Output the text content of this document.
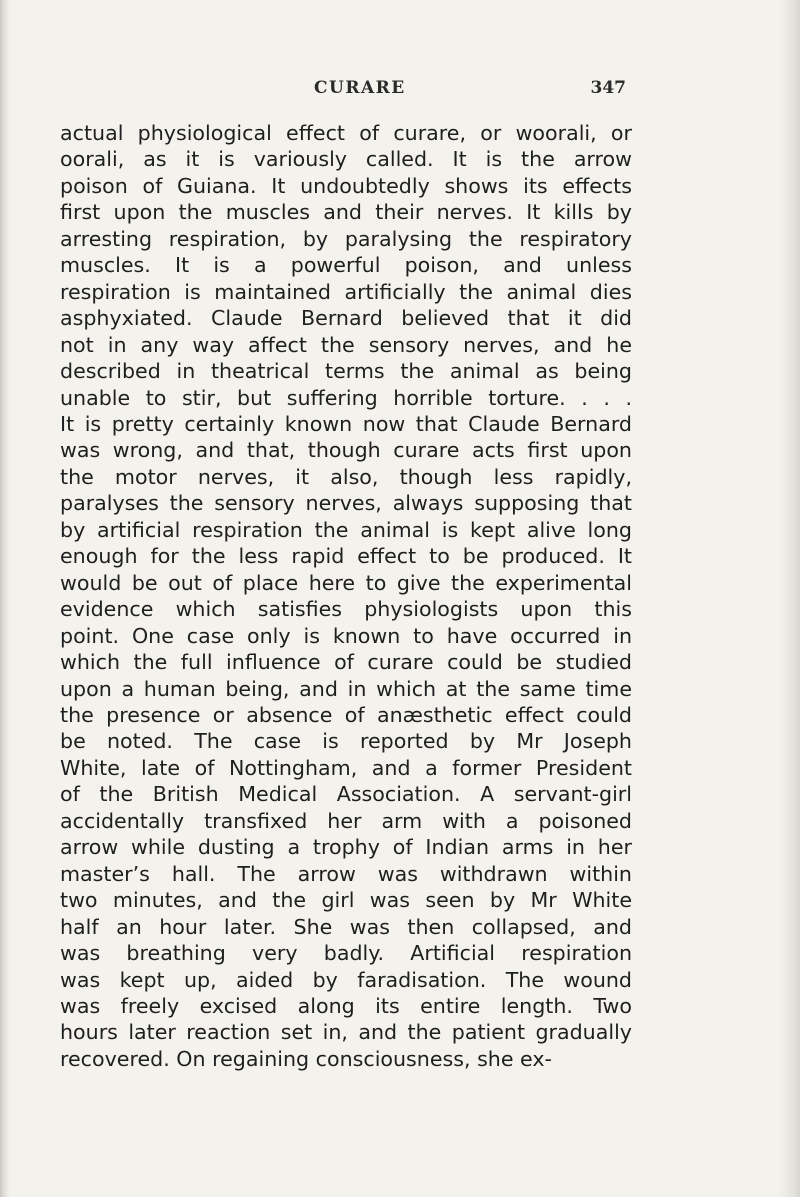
CURARE	347
actual physiological effect of curare, or woorali, or
oorali, as it is variously called. It is the arrow
poison of Guiana. It undoubtedly shows its effects
first upon the muscles and their nerves. It kills by
arresting respiration, by paralysing the respiratory
muscles. It is a powerful poison, and unless
respiration is maintained artificially the animal dies
asphyxiated. Claude Bernard believed that it did
not in any way affect the sensory nerves, and he
described in theatrical terms the animal as being
unable to stir, but suffering horrible torture. . . .
It is pretty certainly known now that Claude Bernard
was wrong, and that, though curare acts first upon
the motor nerves, it also, though less rapidly,
paralyses the sensory nerves, always supposing that
by artificial respiration the animal is kept alive long
enough for the less rapid effect to be produced. It
would be out of place here to give the experimental
evidence which satisfies physiologists upon this
point. One case only is known to have occurred in
which the full influence of curare could be studied
upon a human being, and in which at the same time
the presence or absence of anæsthetic effect could
be noted. The case is reported by Mr Joseph
White, late of Nottingham, and a former President
of the British Medical Association. A servant-girl
accidentally transfixed her arm with a poisoned
arrow while dusting a trophy of Indian arms in her
master’s hall. The arrow was withdrawn within
two minutes, and the girl was seen by Mr White
half an hour later. She was then collapsed, and
was breathing very badly. Artificial respiration
was kept up, aided by faradisation. The wound
was freely excised along its entire length. Two
hours later reaction set in, and the patient gradually
recovered. On regaining consciousness, she ex-
